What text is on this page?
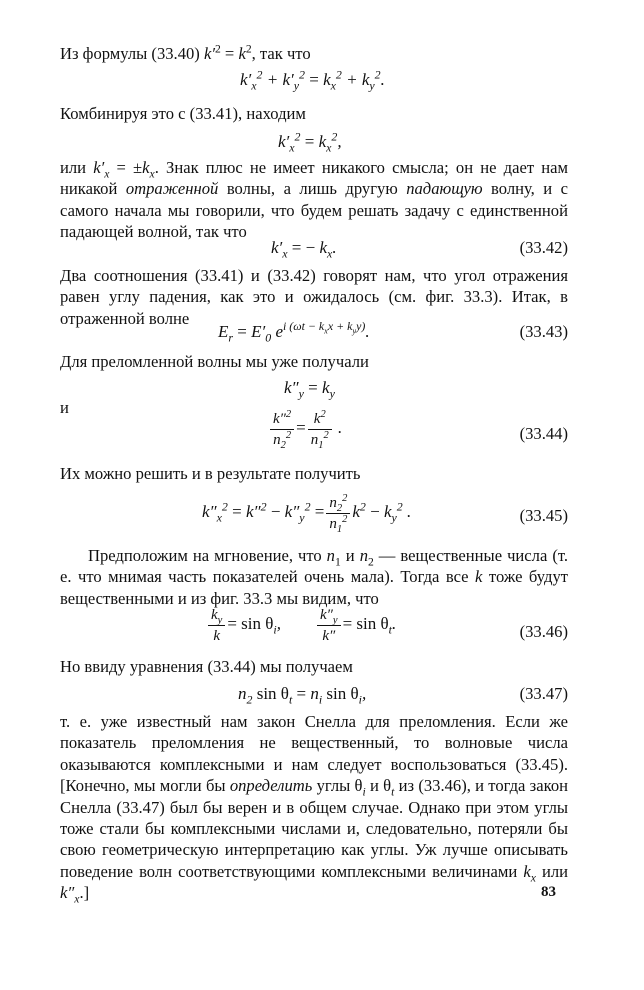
Из формулы (33.40) $k'^2 = k^2$, так что
$k'_x^2 + k'_y^2 = k_x^2 + k_y^2$.
Комбинируя это с (33.41), находим
$k'_x^2 = k_x^2$,

или $k'_x = \pm k_x$. Знак плюс не имеет никакого смысла; он не дает нам никакой отраженной волны, а лишь другую падающую волну, и с самого начала мы говорили, что будем решать задачу с единственной падающей волной, так что

$k'_x$ = − $k_x$.	(33.42)

Два соотношения (33.41) и (33.42) говорят нам, что угол отражения равен углу падения, как это и ожидалось (см. фиг. 33.3). Итак, в отраженной волне

$E_r = E'_0$ $e^{i (\omega t - k_xx + k_yy)}$.	(33.43)
Для преломленной волны мы уже получали
$k''_y = k_y$
и
$\frac{k''^2}{n_2^2} = \frac{k^2}{n_1^2}$ .	(33.44)
Их можно решить и в результате получить
$k''_x^2 = k''^2 - k''_y^2 = \frac{n_2^2}{n_1^2} k^2 - k_y^2$ .	(33.45)

Предположим на мгновение, что $n_1$ и $n_2$ — вещественные числа (т. е. что мнимая часть показателей очень мала). Тогда все k тоже будут вещественными и из фиг. 33.3 мы видим, что

$\frac{k_y}{k} = \sin \theta_i$, $\frac{k''_y}{k''} = \sin \theta_t$.	(33.46)
Но ввиду уравнения (33.44) мы получаем
$n_2$ $\sin \theta_t = n_i$ $\sin \theta_i$,	(33.47)

т. е. уже известный нам закон Снелла для преломления. Если же показатель преломления не вещественный, то волновые числа оказываются комплексными и нам следует воспользоваться (33.45). [Конечно, мы могли бы определить углы $\theta_i$ и $\theta_t$ из (33.46), и тогда закон Снелла (33.47) был бы верен и в общем случае. Однако при этом углы тоже стали бы комплексными числами и, следовательно, потеряли бы свою геометрическую интерпретацию как углы. Уж лучше описывать поведение волн соответствующими комплексными величинами $k_x$ или $k''_x$.]	83
